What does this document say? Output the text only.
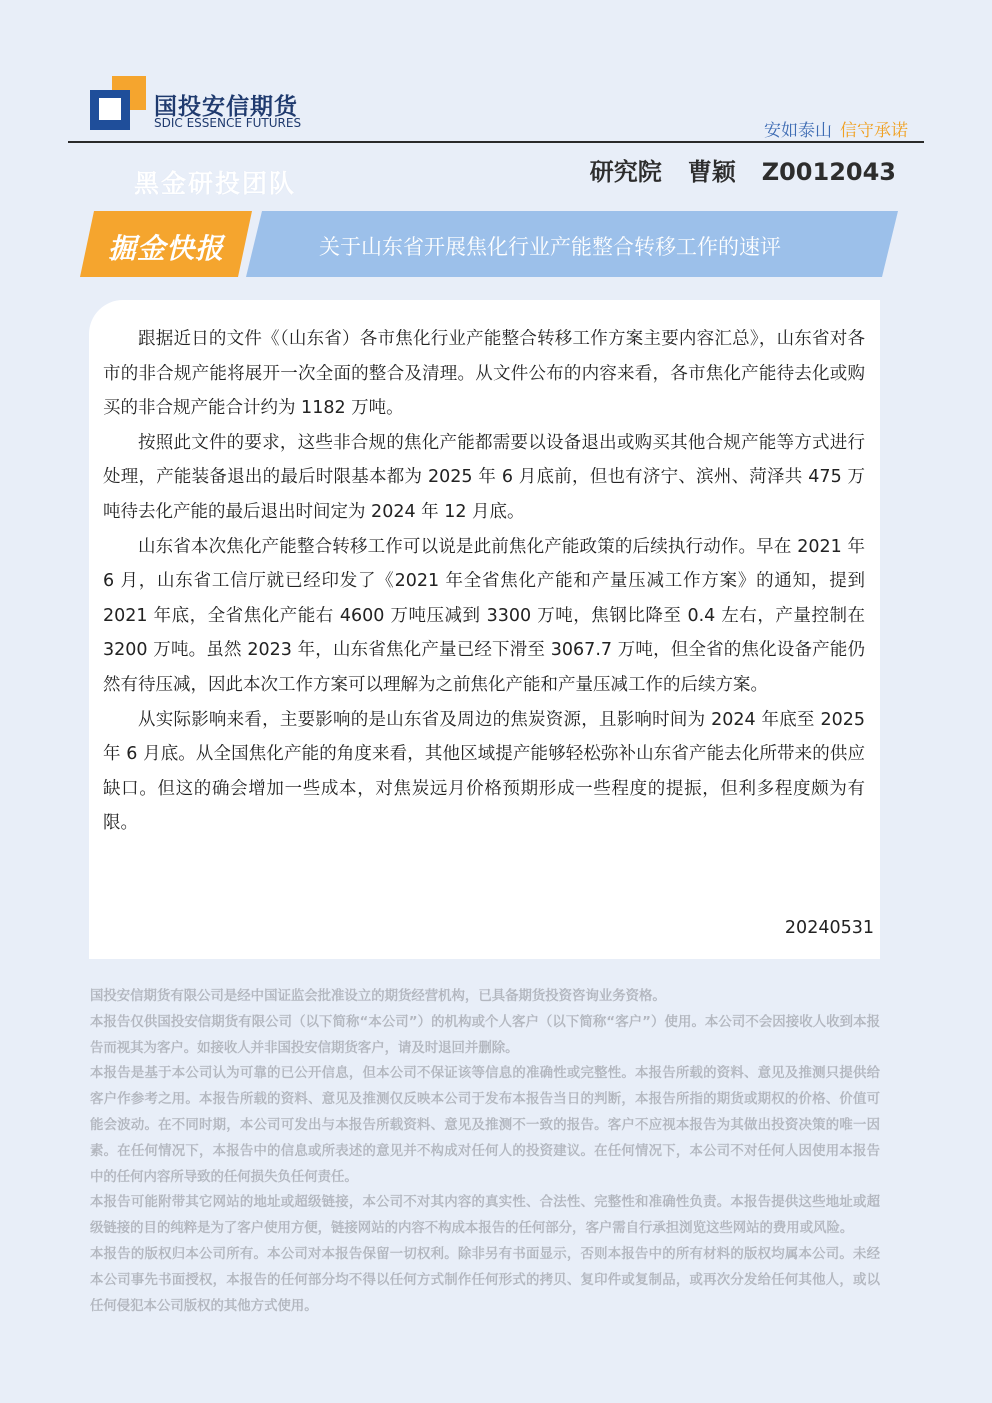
国投安信期货
SDIC ESSENCE FUTURES	安如泰山 信守承诺
黑金研投团队	研究院 曹颖 Z0012043
掘金快报	关于山东省开展焦化行业产能整合转移工作的速评

跟据近日的文件《（山东省）各市焦化行业产能整合转移工作方案主要内容汇总》，山东省对各市的非合规产能将展开一次全面的整合及清理。从文件公布的内容来看，各市焦化产能待去化或购买的非合规产能合计约为 1182 万吨。

按照此文件的要求，这些非合规的焦化产能都需要以设备退出或购买其他合规产能等方式进行处理，产能装备退出的最后时限基本都为 2025 年 6 月底前，但也有济宁、滨州、菏泽共 475 万吨待去化产能的最后退出时间定为 2024 年 12 月底。

山东省本次焦化产能整合转移工作可以说是此前焦化产能政策的后续执行动作。早在 2021 年 6 月，山东省工信厅就已经印发了《2021 年全省焦化产能和产量压减工作方案》的通知，提到 2021 年底，全省焦化产能右 4600 万吨压减到 3300 万吨，焦钢比降至 0.4 左右，产量控制在 3200 万吨。虽然 2023 年，山东省焦化产量已经下滑至 3067.7 万吨，但全省的焦化设备产能仍然有待压减，因此本次工作方案可以理解为之前焦化产能和产量压减工作的后续方案。

从实际影响来看，主要影响的是山东省及周边的焦炭资源，且影响时间为 2024 年底至 2025 年 6 月底。从全国焦化产能的角度来看，其他区域提产能够轻松弥补山东省产能去化所带来的供应缺口。但这的确会增加一些成本，对焦炭远月价格预期形成一些程度的提振，但利多程度颇为有限。

20240531

国投安信期货有限公司是经中国证监会批准设立的期货经营机构，已具备期货投资咨询业务资格。

本报告仅供国投安信期货有限公司（以下简称“本公司”）的机构或个人客户（以下简称“客户”）使用。本公司不会因接收人收到本报告而视其为客户。如接收人并非国投安信期货客户，请及时退回并删除。

本报告是基于本公司认为可靠的已公开信息，但本公司不保证该等信息的准确性或完整性。本报告所载的资料、意见及推测只提供给客户作参考之用。本报告所载的资料、意见及推测仅反映本公司于发布本报告当日的判断，本报告所指的期货或期权的价格、价值可能会波动。在不同时期，本公司可发出与本报告所载资料、意见及推测不一致的报告。客户不应视本报告为其做出投资决策的唯一因素。在任何情况下，本报告中的信息或所表述的意见并不构成对任何人的投资建议。在任何情况下，本公司不对任何人因使用本报告中的任何内容所导致的任何损失负任何责任。

本报告可能附带其它网站的地址或超级链接，本公司不对其内容的真实性、合法性、完整性和准确性负责。本报告提供这些地址或超级链接的目的纯粹是为了客户使用方便，链接网站的内容不构成本报告的任何部分，客户需自行承担浏览这些网站的费用或风险。

本报告的版权归本公司所有。本公司对本报告保留一切权利。除非另有书面显示，否则本报告中的所有材料的版权均属本公司。未经本公司事先书面授权，本报告的任何部分均不得以任何方式制作任何形式的拷贝、复印件或复制品，或再次分发给任何其他人，或以任何侵犯本公司版权的其他方式使用。
